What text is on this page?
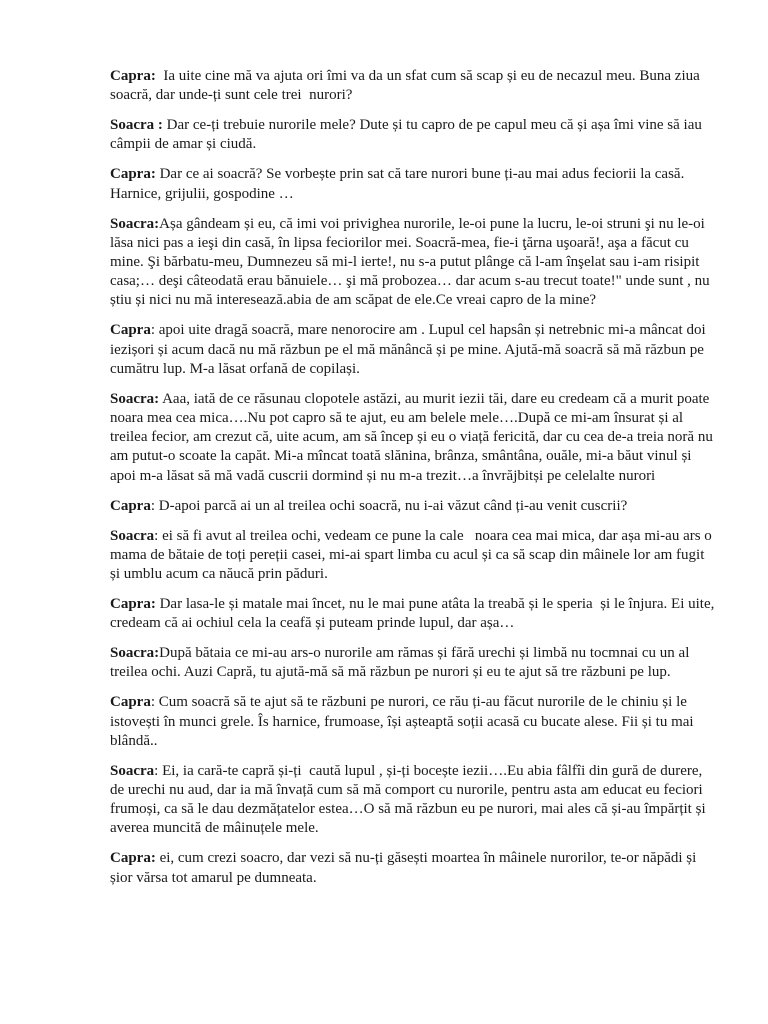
Capra:  Ia uite cine mă va ajuta ori îmi va da un sfat cum să scap și eu de necazul meu. Buna ziua soacră, dar unde-ți sunt cele trei  nurori?

Soacra : Dar ce-ți trebuie nurorile mele? Dute și tu capro de pe capul meu că și așa îmi vine să iau câmpii de amar și ciudă.

Capra: Dar ce ai soacră? Se vorbește prin sat că tare nurori bune ți-au mai adus feciorii la casă. Harnice, grijulii, gospodine …

Soacra:Așa gândeam și eu, că imi voi privighea nurorile, le-oi pune la lucru, le-oi struni şi nu le-oi lăsa nici pas a ieşi din casă, în lipsa feciorilor mei. Soacră-mea, fie-i ţărna uşoară!, aşa a făcut cu mine. Şi bărbatu-meu, Dumnezeu să mi-l ierte!, nu s-a putut plânge că l-am înşelat sau i-am risipit casa;… deşi câteodată erau bănuiele… şi mă probozea… dar acum s-au trecut toate!" unde sunt , nu știu și nici nu mă interesează.abia de am scăpat de ele.Ce vreai capro de la mine?

Capra: apoi uite dragă soacră, mare nenorocire am . Lupul cel hapsân și netrebnic mi-a mâncat doi iezișori și acum dacă nu mă răzbun pe el mă mănâncă și pe mine. Ajută-mă soacră să mă răzbun pe cumătru lup. M-a lăsat orfană de copilași.

Soacra: Aaa, iată de ce răsunau clopotele astăzi, au murit iezii tăi, dare eu credeam că a murit poate noara mea cea mica….Nu pot capro să te ajut, eu am belele mele….După ce mi-am însurat și al treilea fecior, am crezut că, uite acum, am să încep și eu o viață fericită, dar cu cea de-a treia noră nu am putut-o scoate la capăt. Mi-a mîncat toată slănina, brânza, smântâna, ouăle, mi-a băut vinul și apoi m-a lăsat să mă vadă cuscrii dormind și nu m-a trezit…a învrăjbitși pe celelalte nurori

Capra: D-apoi parcă ai un al treilea ochi soacră, nu i-ai văzut când ți-au venit cuscrii?

Soacra: ei să fi avut al treilea ochi, vedeam ce pune la cale   noara cea mai mica, dar așa mi-au ars o mama de bătaie de toți pereții casei, mi-ai spart limba cu acul și ca să scap din mâinele lor am fugit și umblu acum ca năucă prin păduri.

Capra: Dar lasa-le și matale mai încet, nu le mai pune atâta la treabă și le speria  și le înjura. Ei uite, credeam că ai ochiul cela la ceafă și puteam prinde lupul, dar așa…

Soacra:După bătaia ce mi-au ars-o nurorile am rămas și fără urechi și limbă nu tocmnai cu un al treilea ochi. Auzi Capră, tu ajută-mă să mă răzbun pe nurori și eu te ajut să tre răzbuni pe lup.

Capra: Cum soacră să te ajut să te răzbuni pe nurori, ce rău ți-au făcut nurorile de le chiniu și le istovești în munci grele. Îs harnice, frumoase, își așteaptă soții acasă cu bucate alese. Fii și tu mai blândă..

Soacra: Ei, ia cară-te capră și-ți  caută lupul , și-ți bocește iezii….Eu abia fâlfîi din gură de durere, de urechi nu aud, dar ia mă învață cum să mă comport cu nurorile, pentru asta am educat eu feciori frumoși, ca să le dau dezmățatelor estea…O să mă răzbun eu pe nurori, mai ales că și-au împărțit și averea muncită de mâinuțele mele.

Capra: ei, cum crezi soacro, dar vezi să nu-ți găsești moartea în mâinele nurorilor, te-or năpădi și șior vărsa tot amarul pe dumneata.
